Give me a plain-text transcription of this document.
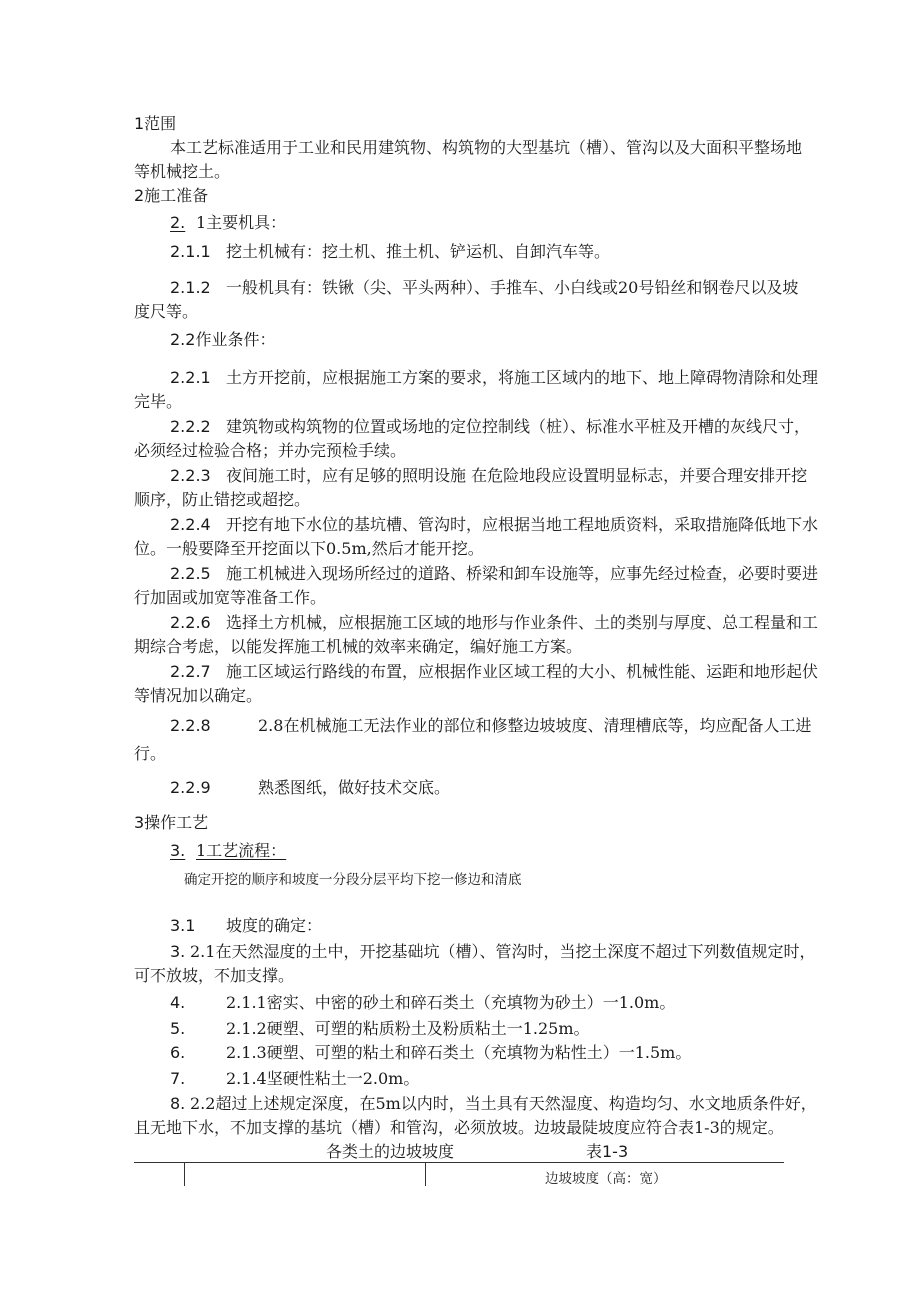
1范围
本工艺标准适用于工业和民用建筑物、构筑物的大型基坑（槽）、管沟以及大面积平整场地
等机械挖土。
2施工准备
2. 1主要机具：
2.1.1 挖土机械有：挖土机、推土机、铲运机、自卸汽车等。
2.1.2 一般机具有：铁锹（尖、平头两种）、手推车、小白线或20号铅丝和钢卷尺以及坡
度尺等。
2.2作业条件：
2.2.1 土方开挖前，应根据施工方案的要求，将施工区域内的地下、地上障碍物清除和处理
完毕。
2.2.2 建筑物或构筑物的位置或场地的定位控制线（桩）、标准水平桩及开槽的灰线尺寸，
必须经过检验合格；并办完预检手续。
2.2.3 夜间施工时，应有足够的照明设施 在危险地段应设置明显标志，并要合理安排开挖
顺序，防止错挖或超挖。
2.2.4 开挖有地下水位的基坑槽、管沟时，应根据当地工程地质资料，采取措施降低地下水
位。一般要降至开挖面以下0.5m,然后才能开挖。
2.2.5 施工机械进入现场所经过的道路、桥梁和卸车设施等，应事先经过检查，必要时要进
行加固或加宽等准备工作。
2.2.6 选择土方机械，应根据施工区域的地形与作业条件、土的类别与厚度、总工程量和工
期综合考虑，以能发挥施工机械的效率来确定，编好施工方案。
2.2.7 施工区域运行路线的布置，应根据作业区域工程的大小、机械性能、运距和地形起伏
等情况加以确定。
2.2.8	2.8在机械施工无法作业的部位和修整边坡坡度、清理槽底等，均应配备人工进
行。
2.2.9	熟悉图纸，做好技术交底。
3操作工艺
3. 1工艺流程：
确定开挖的顺序和坡度一分段分层平均下挖一修边和清底
3.1 坡度的确定：
3. 2.1在天然湿度的土中，开挖基础坑（槽）、管沟时，当挖土深度不超过下列数值规定时，
可不放坡，不加支撑。
4.	2.1.1密实、中密的砂土和碎石类土（充填物为砂土）一1.0m。
5.	2.1.2硬塑、可塑的粘质粉土及粉质粘土一1.25m。
6.	2.1.3硬塑、可塑的粘土和碎石类土（充填物为粘性土）一1.5m。
7.	2.1.4坚硬性粘土一2.0m。
8. 2.2超过上述规定深度，在5m以内时，当土具有天然湿度、构造均匀、水文地质条件好，
且无地下水，不加支撑的基坑（槽）和管沟，必须放坡。边坡最陡坡度应符合表1-3的规定。
各类土的边坡坡度	表1-3
边坡坡度（高：宽）
